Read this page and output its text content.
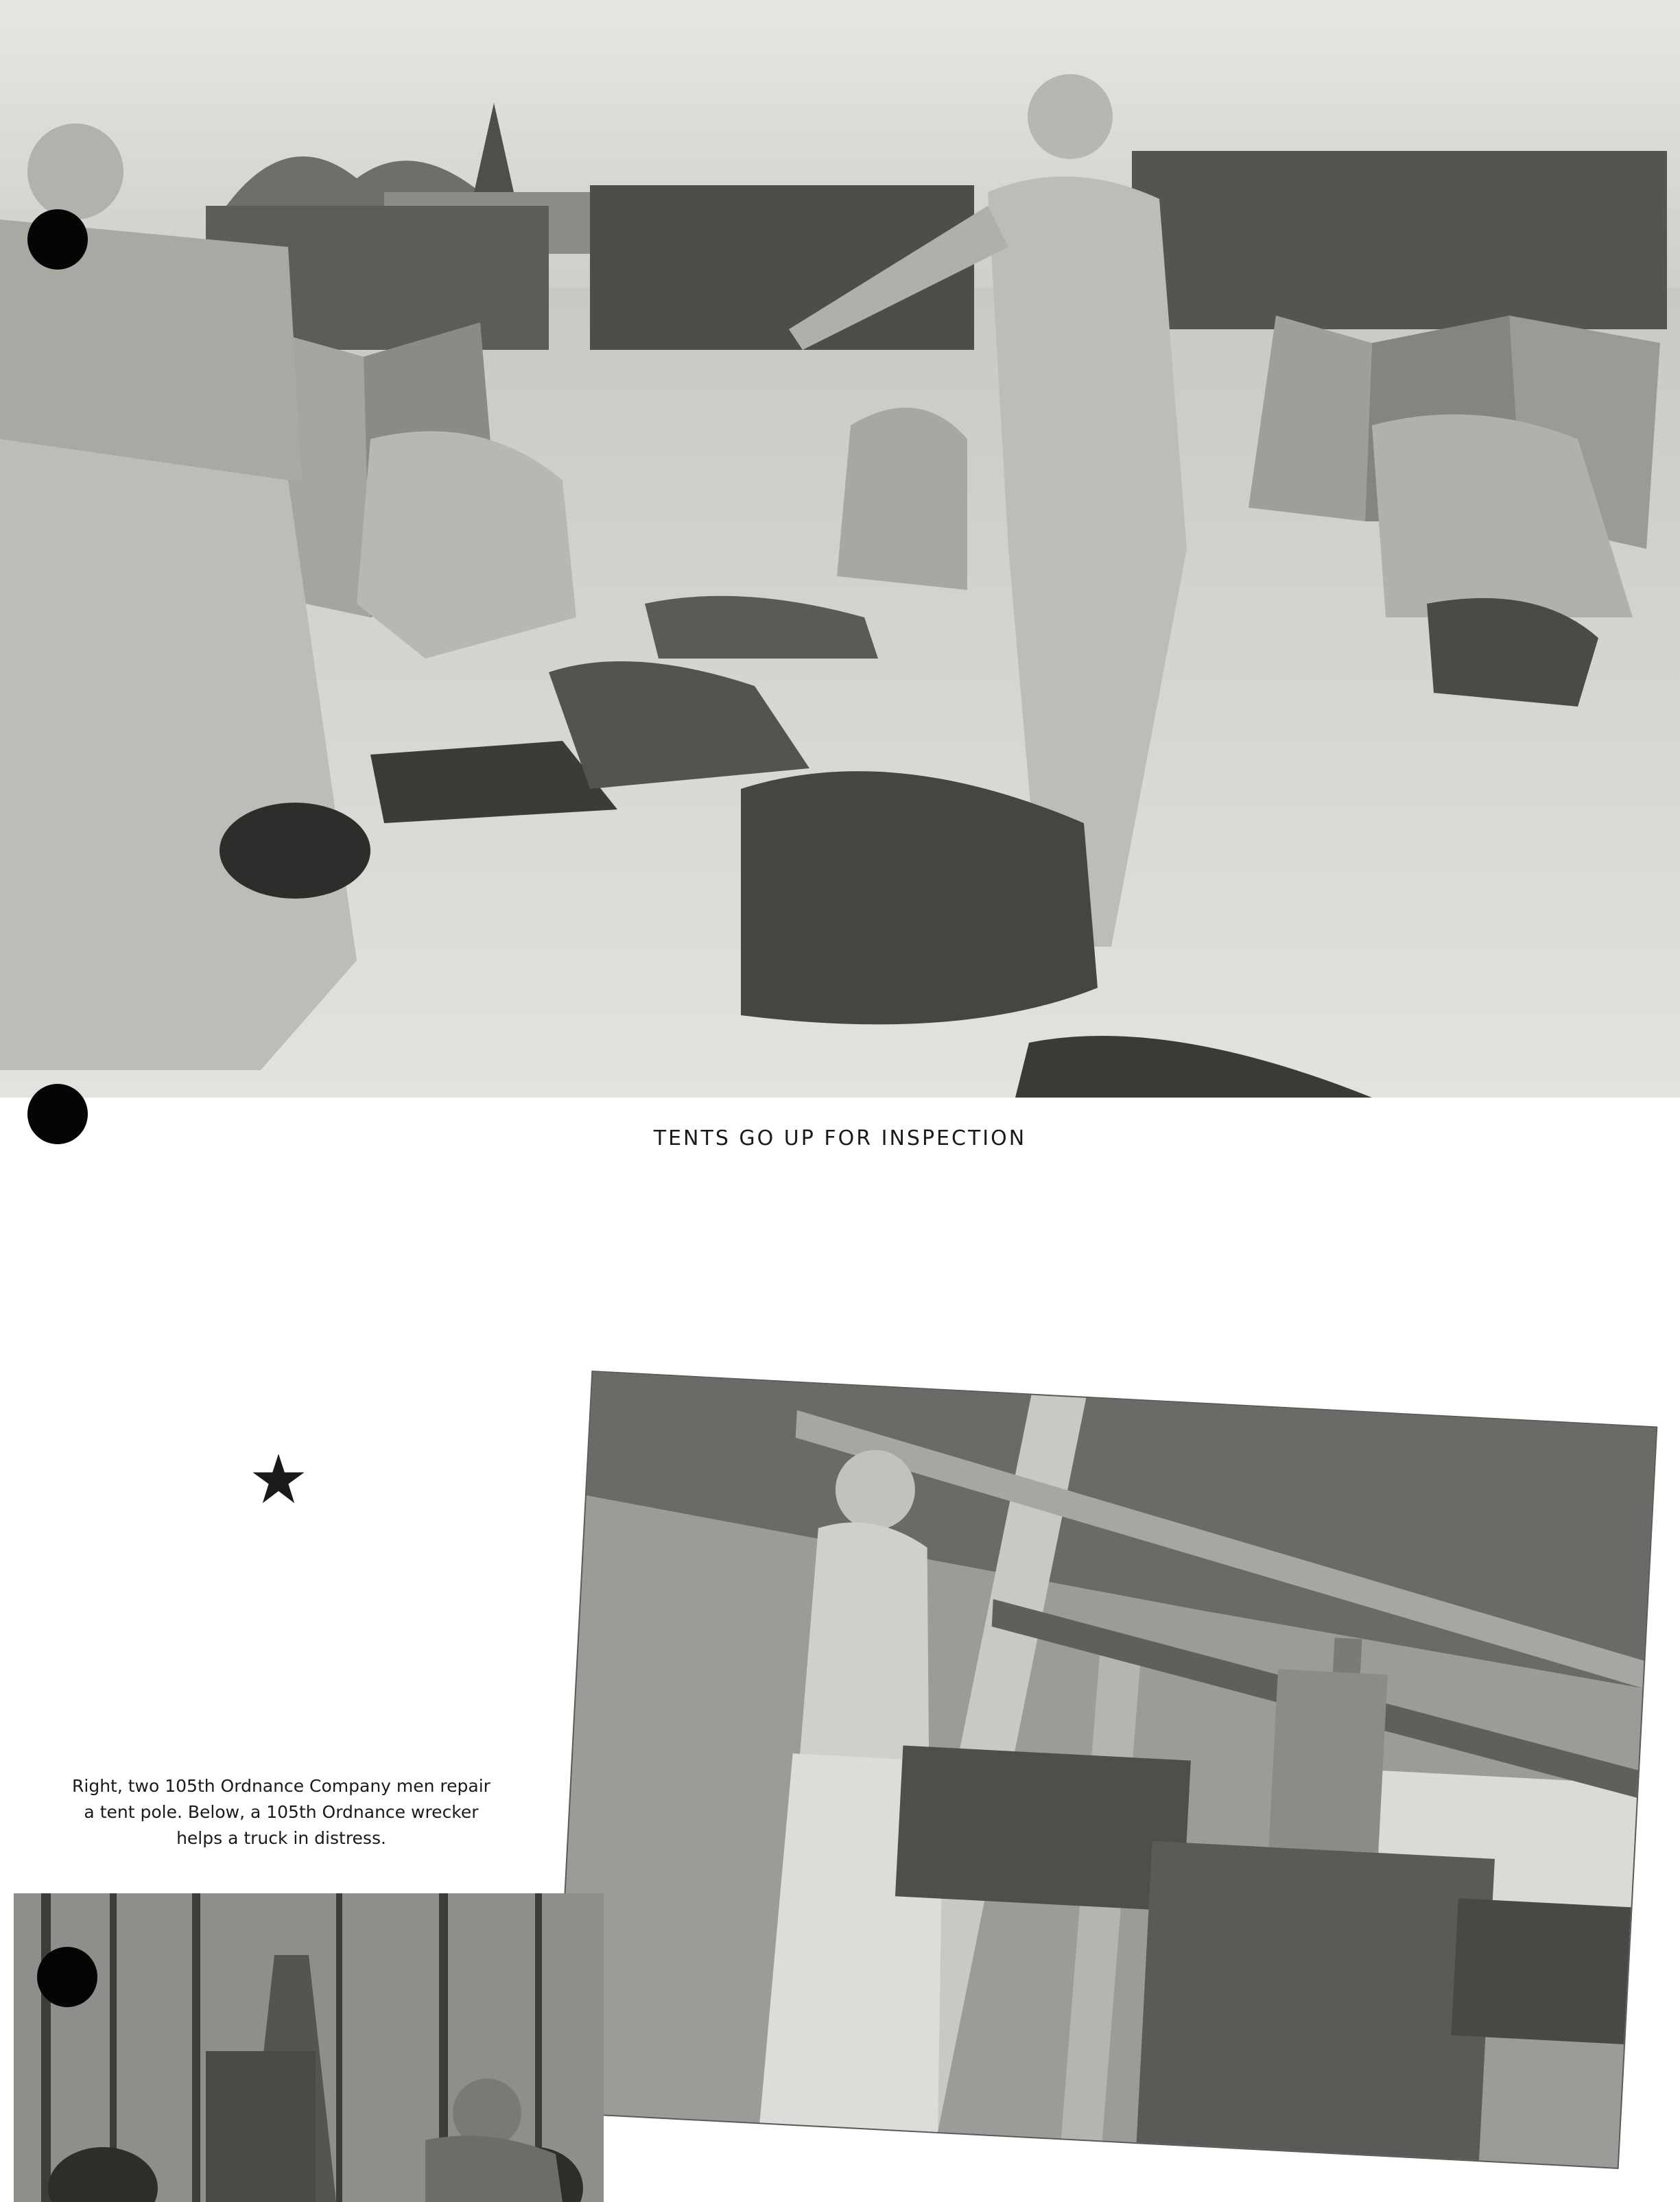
TENTS GO UP FOR INSPECTION
Right, two 105th Ordnance Company men repair
a tent pole. Below, a 105th Ordnance wrecker
helps a truck in distress.
